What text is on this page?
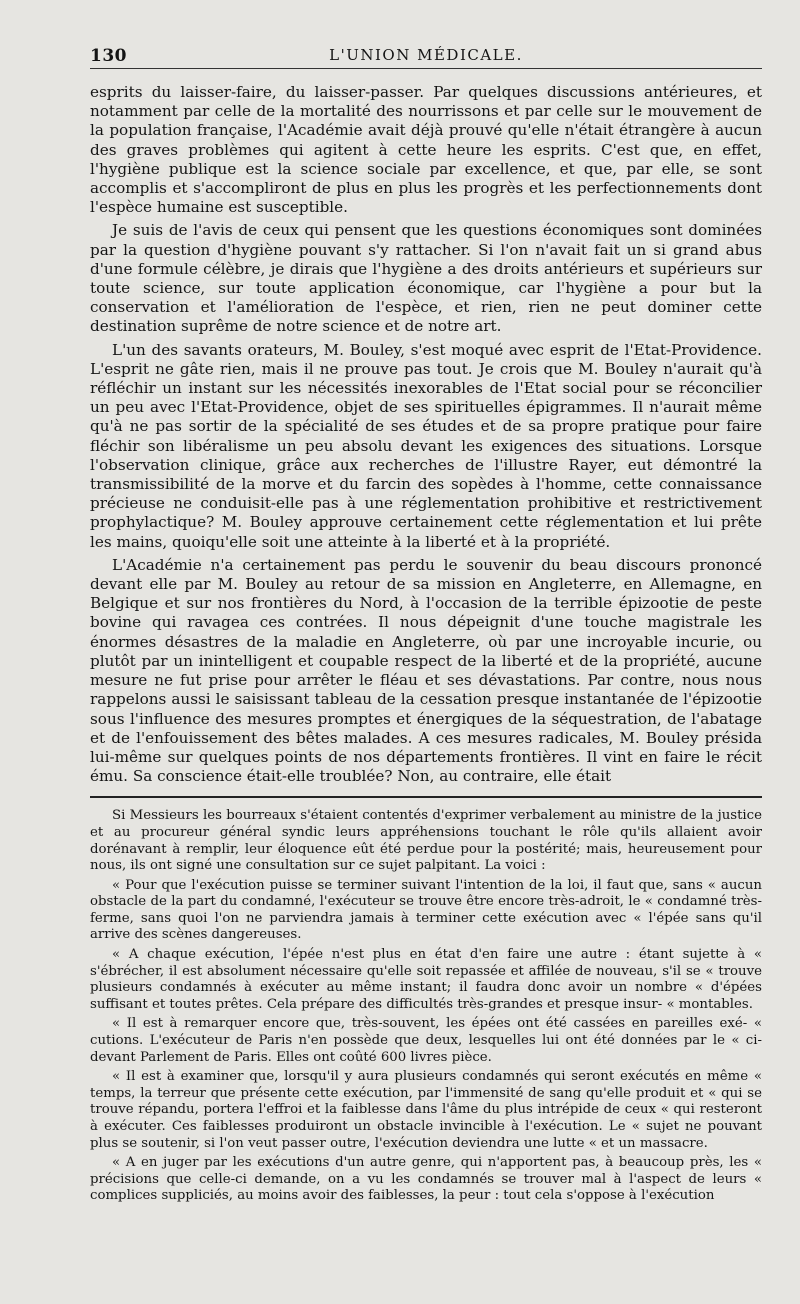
130	L'UNION MÉDICALE.

esprits du laisser-faire, du laisser-passer. Par quelques discussions antérieures, et notamment par celle de la mortalité des nourrissons et par celle sur le mouvement de la population française, l'Académie avait déjà prouvé qu'elle n'était étrangère à aucun des graves problèmes qui agitent à cette heure les esprits. C'est que, en effet, l'hygiène publique est la science sociale par excellence, et que, par elle, se sont accomplis et s'accompliront de plus en plus les progrès et les perfectionnements dont l'espèce humaine est susceptible.

Je suis de l'avis de ceux qui pensent que les questions économiques sont dominées par la question d'hygiène pouvant s'y rattacher. Si l'on n'avait fait un si grand abus d'une formule célèbre, je dirais que l'hygiène a des droits antérieurs et supérieurs sur toute science, sur toute application économique, car l'hygiène a pour but la conservation et l'amélioration de l'espèce, et rien, rien ne peut dominer cette destination suprême de notre science et de notre art.

L'un des savants orateurs, M. Bouley, s'est moqué avec esprit de l'Etat-Providence. L'esprit ne gâte rien, mais il ne prouve pas tout. Je crois que M. Bouley n'aurait qu'à réfléchir un instant sur les nécessités inexorables de l'Etat social pour se réconcilier un peu avec l'Etat-Providence, objet de ses spirituelles épigrammes. Il n'aurait même qu'à ne pas sortir de la spécialité de ses études et de sa propre pratique pour faire fléchir son libéralisme un peu absolu devant les exigences des situations. Lorsque l'observation clinique, grâce aux recherches de l'illustre Rayer, eut démontré la transmissibilité de la morve et du farcin des sopèdes à l'homme, cette connaissance précieuse ne conduisit-elle pas à une réglementation prohibitive et restrictivement prophylactique? M. Bouley approuve certainement cette réglementation et lui prête les mains, quoiqu'elle soit une atteinte à la liberté et à la propriété.

L'Académie n'a certainement pas perdu le souvenir du beau discours prononcé devant elle par M. Bouley au retour de sa mission en Angleterre, en Allemagne, en Belgique et sur nos frontières du Nord, à l'occasion de la terrible épizootie de peste bovine qui ravagea ces contrées. Il nous dépeignit d'une touche magistrale les énormes désastres de la maladie en Angleterre, où par une incroyable incurie, ou plutôt par un inintelligent et coupable respect de la liberté et de la propriété, aucune mesure ne fut prise pour arrêter le fléau et ses dévastations. Par contre, nous nous rappelons aussi le saisissant tableau de la cessation presque instantanée de l'épizootie sous l'influence des mesures promptes et énergiques de la séquestration, de l'abatage et de l'enfouissement des bêtes malades. A ces mesures radicales, M. Bouley présida lui-même sur quelques points de nos départements frontières. Il vint en faire le récit ému. Sa conscience était-elle troublée? Non, au contraire, elle était

Si Messieurs les bourreaux s'étaient contentés d'exprimer verbalement au ministre de la justice et au procureur général syndic leurs appréhensions touchant le rôle qu'ils allaient avoir dorénavant à remplir, leur éloquence eût été perdue pour la postérité; mais, heureusement pour nous, ils ont signé une consultation sur ce sujet palpitant. La voici :

« Pour que l'exécution puisse se terminer suivant l'intention de la loi, il faut que, sans « aucun obstacle de la part du condamné, l'exécuteur se trouve être encore très-adroit, le « condamné très-ferme, sans quoi l'on ne parviendra jamais à terminer cette exécution avec « l'épée sans qu'il arrive des scènes dangereuses.

« A chaque exécution, l'épée n'est plus en état d'en faire une autre : étant sujette à « s'ébrécher, il est absolument nécessaire qu'elle soit repassée et affilée de nouveau, s'il se « trouve plusieurs condamnés à exécuter au même instant; il faudra donc avoir un nombre « d'épées suffisant et toutes prêtes. Cela prépare des difficultés très-grandes et presque insur- « montables.

« Il est à remarquer encore que, très-souvent, les épées ont été cassées en pareilles exé- « cutions. L'exécuteur de Paris n'en possède que deux, lesquelles lui ont été données par le « ci-devant Parlement de Paris. Elles ont coûté 600 livres pièce.

« Il est à examiner que, lorsqu'il y aura plusieurs condamnés qui seront exécutés en même « temps, la terreur que présente cette exécution, par l'immensité de sang qu'elle produit et « qui se trouve répandu, portera l'effroi et la faiblesse dans l'âme du plus intrépide de ceux « qui resteront à exécuter. Ces faiblesses produiront un obstacle invincible à l'exécution. Le « sujet ne pouvant plus se soutenir, si l'on veut passer outre, l'exécution deviendra une lutte « et un massacre.

« A en juger par les exécutions d'un autre genre, qui n'apportent pas, à beaucoup près, les « précisions que celle-ci demande, on a vu les condamnés se trouver mal à l'aspect de leurs « complices suppliciés, au moins avoir des faiblesses, la peur : tout cela s'oppose à l'exécution
